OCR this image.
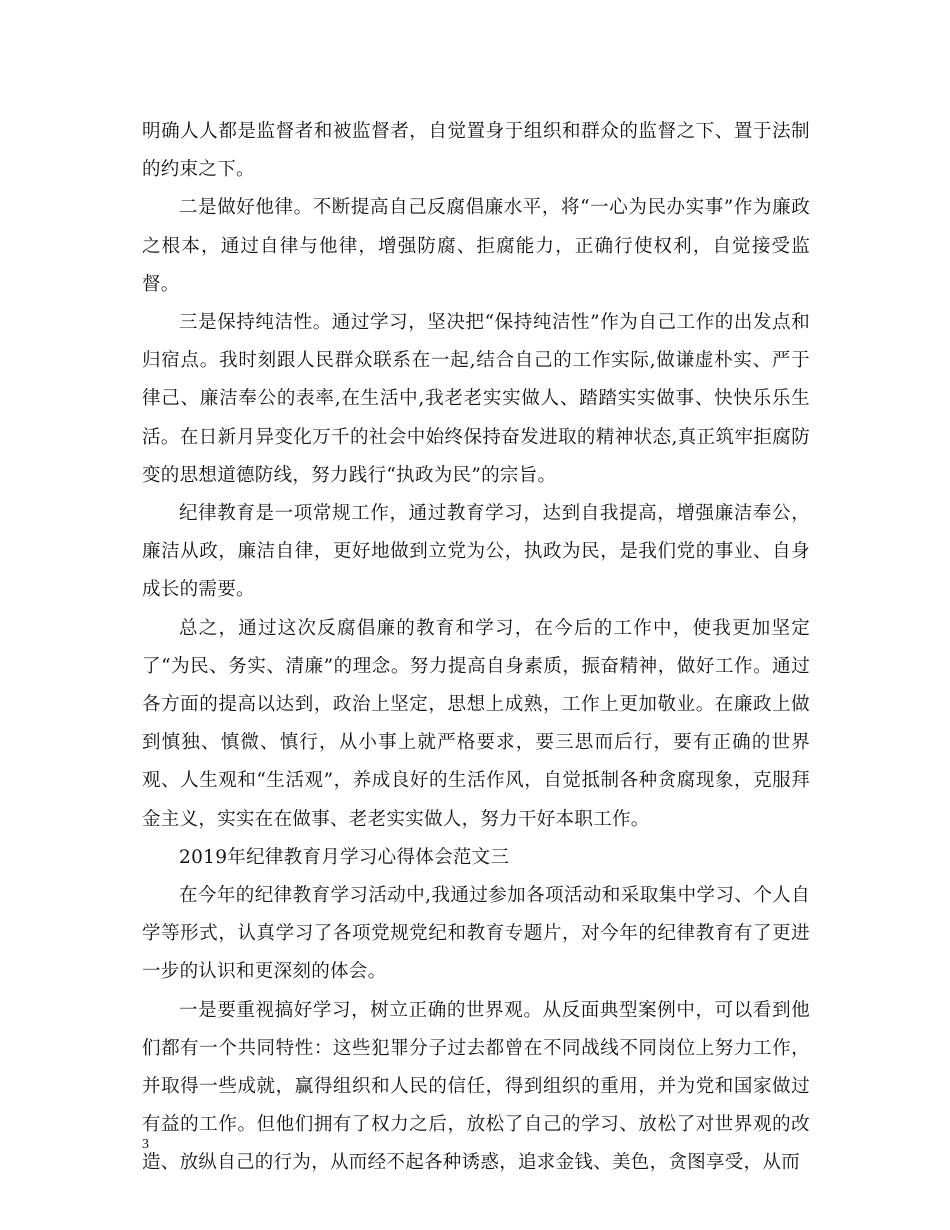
明确人人都是监督者和被监督者，自觉置身于组织和群众的监督之下、置于法制的约束之下。

二是做好他律。不断提高自己反腐倡廉水平，将“一心为民办实事”作为廉政之根本，通过自律与他律，增强防腐、拒腐能力，正确行使权利，自觉接受监督。

三是保持纯洁性。通过学习，坚决把“保持纯洁性”作为自己工作的出发点和归宿点。我时刻跟人民群众联系在一起,结合自己的工作实际,做谦虚朴实、严于律己、廉洁奉公的表率,在生活中,我老老实实做人、踏踏实实做事、快快乐乐生活。在日新月异变化万千的社会中始终保持奋发进取的精神状态,真正筑牢拒腐防变的思想道德防线，努力践行“执政为民”的宗旨。

纪律教育是一项常规工作，通过教育学习，达到自我提高，增强廉洁奉公，廉洁从政，廉洁自律，更好地做到立党为公，执政为民，是我们党的事业、自身成长的需要。

总之，通过这次反腐倡廉的教育和学习，在今后的工作中，使我更加坚定了“为民、务实、清廉”的理念。努力提高自身素质，振奋精神，做好工作。通过各方面的提高以达到，政治上坚定，思想上成熟，工作上更加敬业。在廉政上做到慎独、慎微、慎行，从小事上就严格要求，要三思而后行，要有正确的世界观、人生观和“生活观”，养成良好的生活作风，自觉抵制各种贪腐现象，克服拜金主义，实实在在做事、老老实实做人，努力干好本职工作。

2019年纪律教育月学习心得体会范文三

在今年的纪律教育学习活动中,我通过参加各项活动和采取集中学习、个人自学等形式，认真学习了各项党规党纪和教育专题片，对今年的纪律教育有了更进一步的认识和更深刻的体会。

一是要重视搞好学习，树立正确的世界观。从反面典型案例中，可以看到他们都有一个共同特性：这些犯罪分子过去都曾在不同战线不同岗位上努力工作，并取得一些成就，赢得组织和人民的信任，得到组织的重用，并为党和国家做过有益的工作。但他们拥有了权力之后，放松了自己的学习、放松了对世界观的改造、放纵自己的行为，从而经不起各种诱惑，追求金钱、美色，贪图享受，从而

3
